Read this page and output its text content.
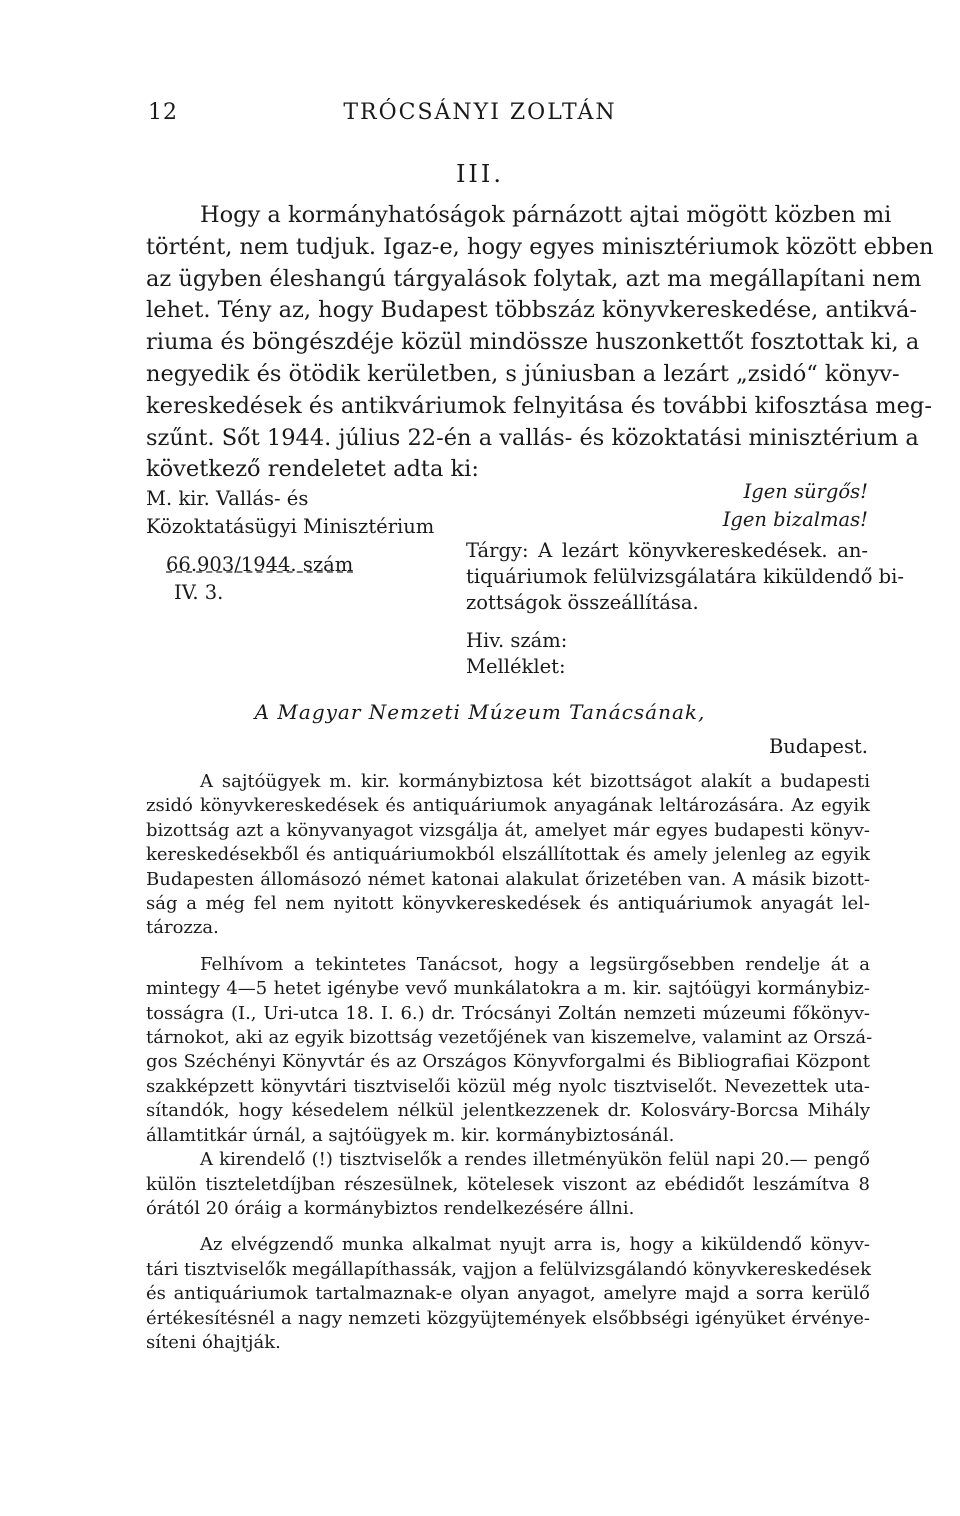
12	TRÓCSÁNYI ZOLTÁN
III.
Hogy a kormányhatóságok párnázott ajtai mögött közben mi
történt, nem tudjuk. Igaz-e, hogy egyes minisztériumok között ebben
az ügyben éleshangú tárgyalások folytak, azt ma megállapítani nem
lehet. Tény az, hogy Budapest többszáz könyvkereskedése, antikvá-
riuma és böngészdéje közül mindössze huszonkettőt fosztottak ki, a
negyedik és ötödik kerületben, s júniusban a lezárt „zsidó“ könyv-
kereskedések és antikváriumok felnyitása és további kifosztása meg-
szűnt. Sőt 1944. július 22-én a vallás- és közoktatási minisztérium a
következő rendeletet adta ki:
M. kir. Vallás- és
Közoktatásügyi Minisztérium
66.903/1944. szám
IV. 3.
Igen sürgős!
Igen bizalmas!
Tárgy: A lezárt könyvkereskedések. an-
tiquáriumok felülvizsgálatára kiküldendő bi-
zottságok összeállítása.
Hiv. szám:
Melléklet:
A Magyar Nemzeti Múzeum Tanácsának,
Budapest.
A sajtóügyek m. kir. kormánybiztosa két bizottságot alakít a budapesti
zsidó könyvkereskedések és antiquáriumok anyagának leltározására. Az egyik
bizottság azt a könyvanyagot vizsgálja át, amelyet már egyes budapesti könyv-
kereskedésekből és antiquáriumokból elszállítottak és amely jelenleg az egyik
Budapesten állomásozó német katonai alakulat őrizetében van. A másik bizott-
ság a még fel nem nyitott könyvkereskedések és antiquáriumok anyagát lel-
tározza.
Felhívom a tekintetes Tanácsot, hogy a legsürgősebben rendelje át a
mintegy 4—5 hetet igénybe vevő munkálatokra a m. kir. sajtóügyi kormánybiz-
tosságra (I., Uri-utca 18. I. 6.) dr. Trócsányi Zoltán nemzeti múzeumi főkönyv-
tárnokot, aki az egyik bizottság vezetőjének van kiszemelve, valamint az Orszá-
gos Széchényi Könyvtár és az Országos Könyvforgalmi és Bibliografiai Központ
szakképzett könyvtári tisztviselői közül még nyolc tisztviselőt. Nevezettek uta-
sítandók, hogy késedelem nélkül jelentkezzenek dr. Kolosváry-Borcsa Mihály
államtitkár úrnál, a sajtóügyek m. kir. kormánybiztosánál.
A kirendelő (!) tisztviselők a rendes illetményükön felül napi 20.— pengő
külön tiszteletdíjban részesülnek, kötelesek viszont az ebédidőt leszámítva 8
órától 20 óráig a kormánybiztos rendelkezésére állni.
Az elvégzendő munka alkalmat nyujt arra is, hogy a kiküldendő könyv-
tári tisztviselők megállapíthassák, vajjon a felülvizsgálandó könyvkereskedések
és antiquáriumok tartalmaznak-e olyan anyagot, amelyre majd a sorra kerülő
értékesítésnél a nagy nemzeti közgyüjtemények elsőbbségi igényüket érvénye-
síteni óhajtják.
